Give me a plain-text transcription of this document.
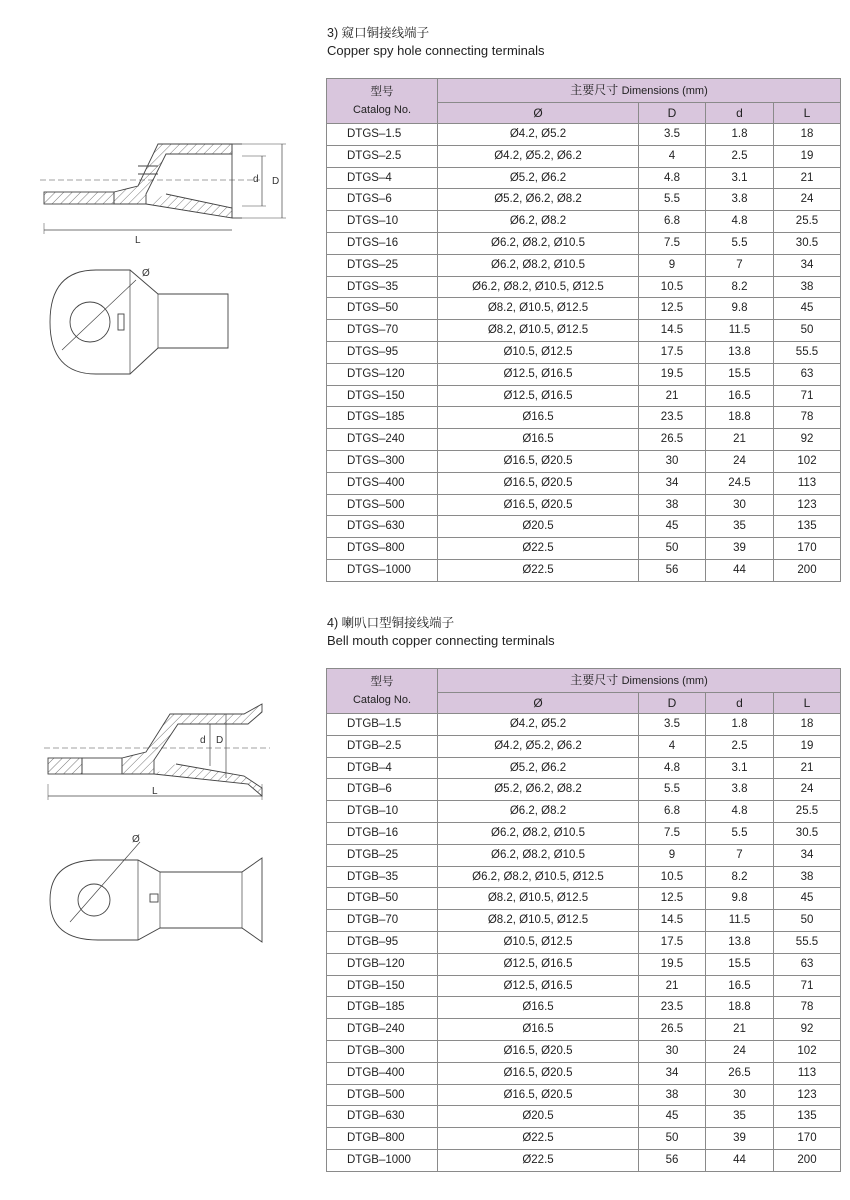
3) 窥口铜接线端子
Copper spy hole connecting terminals
d D
L
Ø
型号
Catalog No.	主要尺寸 Dimensions (mm)			
	Ø	D	d	L
DTGS–1.5	Ø4.2, Ø5.2	3.5	1.8	18
DTGS–2.5	Ø4.2, Ø5.2, Ø6.2	4	2.5	19
DTGS–4	Ø5.2, Ø6.2	4.8	3.1	21
DTGS–6	Ø5.2, Ø6.2, Ø8.2	5.5	3.8	24
DTGS–10	Ø6.2, Ø8.2	6.8	4.8	25.5
DTGS–16	Ø6.2, Ø8.2, Ø10.5	7.5	5.5	30.5
DTGS–25	Ø6.2, Ø8.2, Ø10.5	9	7	34
DTGS–35	Ø6.2, Ø8.2, Ø10.5, Ø12.5	10.5	8.2	38
DTGS–50	Ø8.2, Ø10.5, Ø12.5	12.5	9.8	45
DTGS–70	Ø8.2, Ø10.5, Ø12.5	14.5	11.5	50
DTGS–95	Ø10.5, Ø12.5	17.5	13.8	55.5
DTGS–120	Ø12.5, Ø16.5	19.5	15.5	63
DTGS–150	Ø12.5, Ø16.5	21	16.5	71
DTGS–185	Ø16.5	23.5	18.8	78
DTGS–240	Ø16.5	26.5	21	92
DTGS–300	Ø16.5, Ø20.5	30	24	102
DTGS–400	Ø16.5, Ø20.5	34	24.5	113
DTGS–500	Ø16.5, Ø20.5	38	30	123
DTGS–630	Ø20.5	45	35	135
DTGS–800	Ø22.5	50	39	170
DTGS–1000	Ø22.5	56	44	200
4) 喇叭口型铜接线端子
Bell mouth copper connecting terminals
d D
L
Ø
型号
Catalog No.	主要尺寸 Dimensions (mm)			
	Ø	D	d	L
DTGB–1.5	Ø4.2, Ø5.2	3.5	1.8	18
DTGB–2.5	Ø4.2, Ø5.2, Ø6.2	4	2.5	19
DTGB–4	Ø5.2, Ø6.2	4.8	3.1	21
DTGB–6	Ø5.2, Ø6.2, Ø8.2	5.5	3.8	24
DTGB–10	Ø6.2, Ø8.2	6.8	4.8	25.5
DTGB–16	Ø6.2, Ø8.2, Ø10.5	7.5	5.5	30.5
DTGB–25	Ø6.2, Ø8.2, Ø10.5	9	7	34
DTGB–35	Ø6.2, Ø8.2, Ø10.5, Ø12.5	10.5	8.2	38
DTGB–50	Ø8.2, Ø10.5, Ø12.5	12.5	9.8	45
DTGB–70	Ø8.2, Ø10.5, Ø12.5	14.5	11.5	50
DTGB–95	Ø10.5, Ø12.5	17.5	13.8	55.5
DTGB–120	Ø12.5, Ø16.5	19.5	15.5	63
DTGB–150	Ø12.5, Ø16.5	21	16.5	71
DTGB–185	Ø16.5	23.5	18.8	78
DTGB–240	Ø16.5	26.5	21	92
DTGB–300	Ø16.5, Ø20.5	30	24	102
DTGB–400	Ø16.5, Ø20.5	34	26.5	113
DTGB–500	Ø16.5, Ø20.5	38	30	123
DTGB–630	Ø20.5	45	35	135
DTGB–800	Ø22.5	50	39	170
DTGB–1000	Ø22.5	56	44	200
